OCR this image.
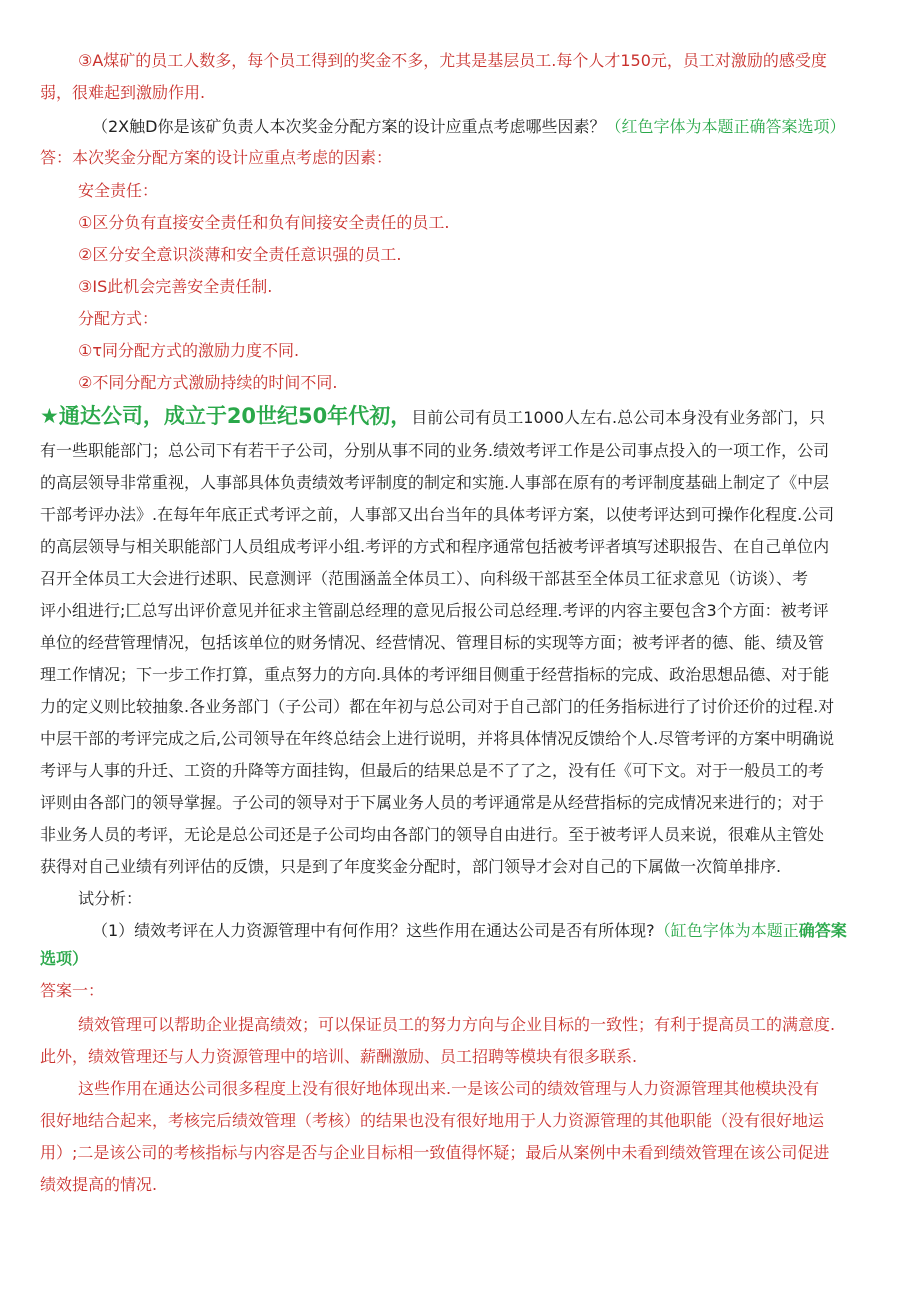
③A煤矿的员工人数多，每个员工得到的奖金不多，尤其是基层员工.每个人才150元，员工对激励的感受度
弱，很难起到激励作用.
（2X触D你是该矿负责人本次奖金分配方案的设计应重点考虑哪些因素？（红色字体为本题正确答案选项）
答：本次奖金分配方案的设计应重点考虑的因素：
安全责任：
①区分负有直接安全责任和负有间接安全责任的员工.
②区分安全意识淡薄和安全责任意识强的员工.
③IS此机会完善安全责任制.
分配方式：
①τ同分配方式的激励力度不同.
②不同分配方式激励持续的时间不同.
★通达公司，成立于20世纪50年代初，目前公司有员工1000人左右.总公司本身没有业务部门，只
有一些职能部门；总公司下有若干子公司，分别从事不同的业务.绩效考评工作是公司事点投入的一项工作，公司
的高层领导非常重视，人事部具体负责绩效考评制度的制定和实施.人事部在原有的考评制度基础上制定了《中层
干部考评办法》.在每年年底正式考评之前，人事部又出台当年的具体考评方案，以使考评达到可操作化程度.公司
的高层领导与相关职能部门人员组成考评小组.考评的方式和程序通常包括被考评者填写述职报告、在自己单位内
召开全体员工大会进行述职、民意测评（范围涵盖全体员工）、向科级干部甚至全体员工征求意见（访谈）、考
评小组进行;匚总写出评价意见并征求主管副总经理的意见后报公司总经理.考评的内容主要包含3个方面：被考评
单位的经营管理情况，包括该单位的财务情况、经营情况、管理目标的实现等方面；被考评者的德、能、绩及管
理工作情况；下一步工作打算，重点努力的方向.具体的考评细目侧重于经营指标的完成、政治思想品德、对于能
力的定义则比较抽象.各业务部门（子公司）都在年初与总公司对于自己部门的任务指标进行了讨价还价的过程.对
中层干部的考评完成之后,公司领导在年终总结会上进行说明，并将具体情况反馈给个人.尽管考评的方案中明确说
考评与人事的升迁、工资的升降等方面挂钩，但最后的结果总是不了了之，没有任《可下文。对于一般员工的考
评则由各部门的领导掌握。子公司的领导对于下属业务人员的考评通常是从经营指标的完成情况来进行的；对于
非业务人员的考评，无论是总公司还是子公司均由各部门的领导自由进行。至于被考评人员来说，很难从主管处
获得对自己业绩有列评估的反馈，只是到了年度奖金分配时，部门领导才会对自己的下属做一次简单排序.
试分析：
（1）绩效考评在人力资源管理中有何作用？这些作用在通达公司是否有所体现?（缸色字体为本题正确答案
选项）
答案一：
绩效管理可以帮助企业提高绩效；可以保证员工的努力方向与企业目标的一致性；有利于提高员工的满意度.
此外，绩效管理还与人力资源管理中的培训、薪酬激励、员工招聘等模块有很多联系.
这些作用在通达公司很多程度上没有很好地体现出来.一是该公司的绩效管理与人力资源管理其他模块没有
很好地结合起来，考核完后绩效管理（考核）的结果也没有很好地用于人力资源管理的其他职能（没有很好地运
用）;二是该公司的考核指标与内容是否与企业目标相一致值得怀疑；最后从案例中未看到绩效管理在该公司促进
绩效提高的情况.
